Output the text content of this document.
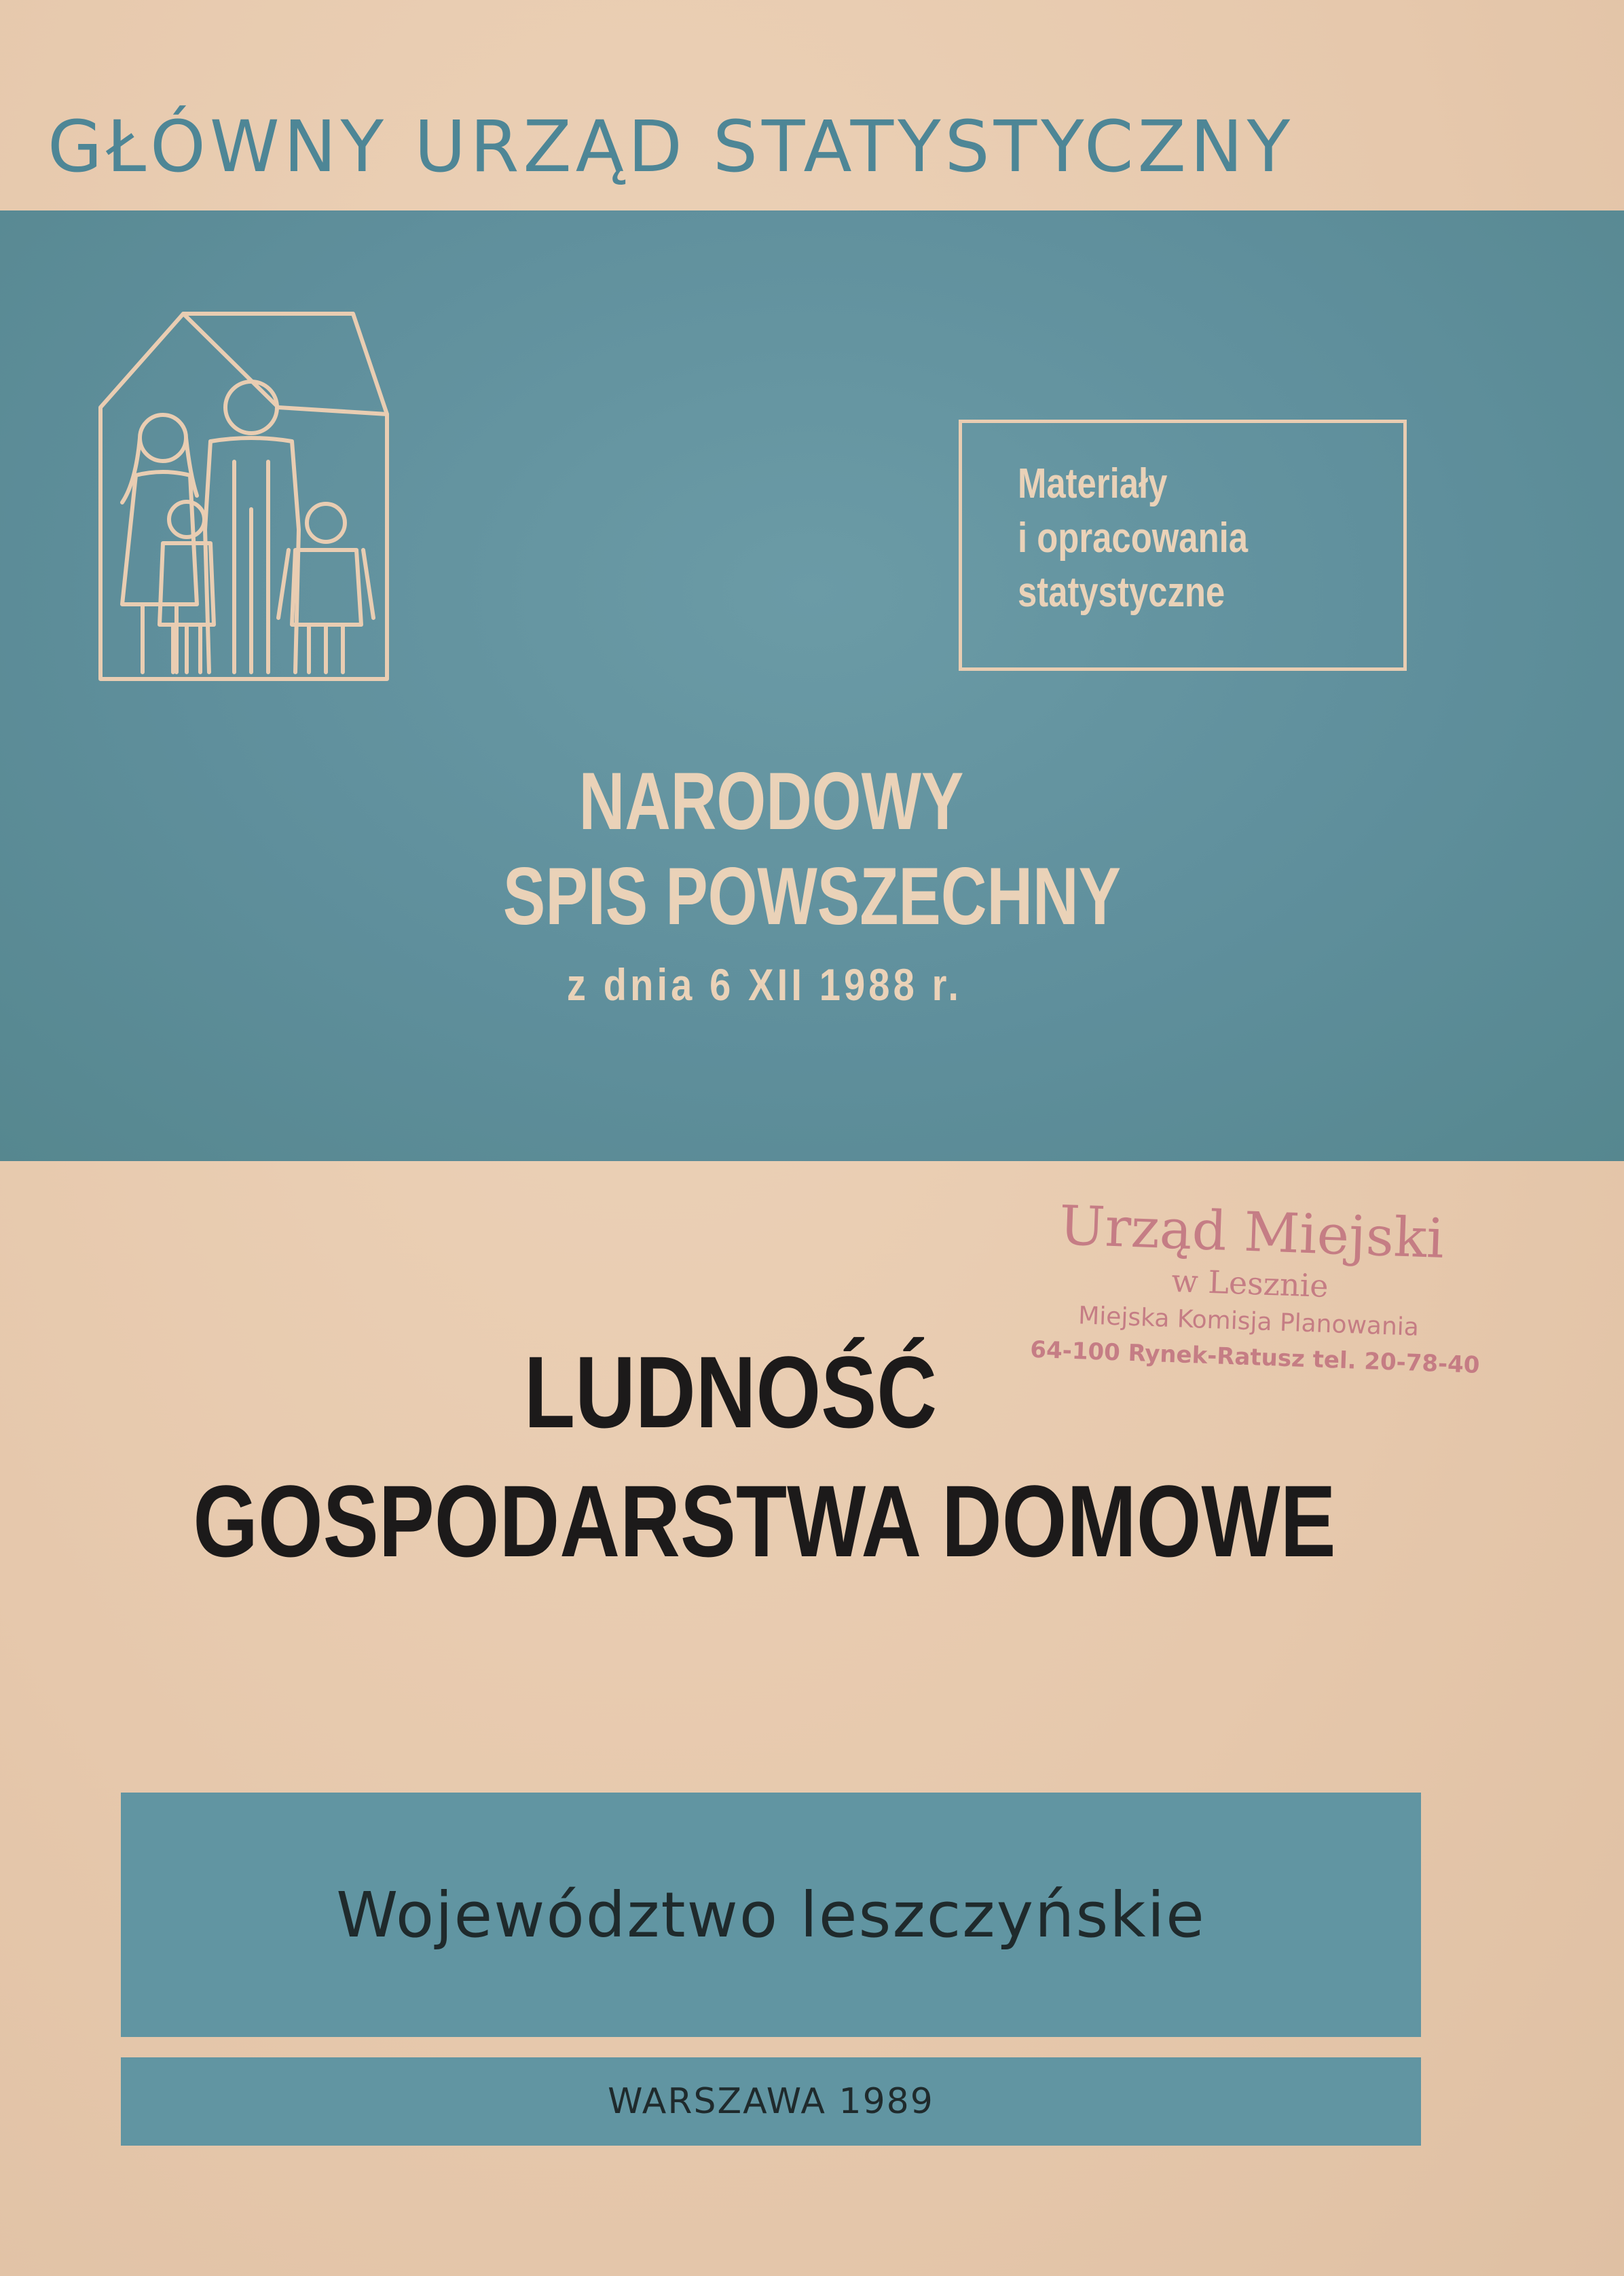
GŁÓWNY URZĄD STATYSTYCZNY
Materiały
i opracowania
statystyczne
NARODOWY
SPIS POWSZECHNY
z dnia 6 XII 1988 r.
Urząd Miejski
w Lesznie
Miejska Komisja Planowania
64-100 Rynek-Ratusz tel. 20-78-40
LUDNOŚĆ
GOSPODARSTWA DOMOWE
Województwo leszczyńskie
WARSZAWA 1989
